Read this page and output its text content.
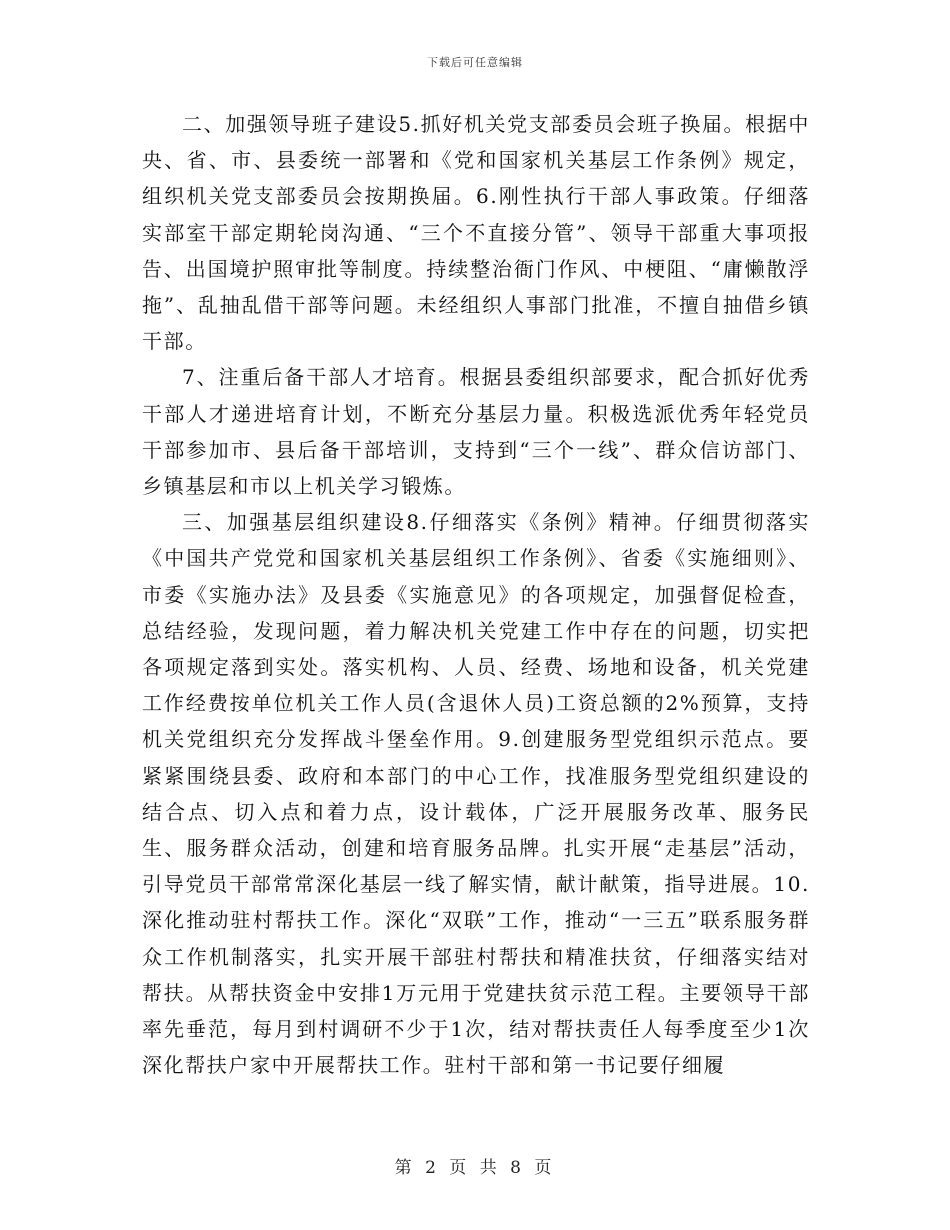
下载后可任意编辑

二、加强领导班子建设5.抓好机关党支部委员会班子换届。根据中央、省、市、县委统一部署和《党和国家机关基层工作条例》规定，组织机关党支部委员会按期换届。6.刚性执行干部人事政策。仔细落实部室干部定期轮岗沟通、“三个不直接分管”、领导干部重大事项报告、出国境护照审批等制度。持续整治衙门作风、中梗阻、“庸懒散浮拖”、乱抽乱借干部等问题。未经组织人事部门批准，不擅自抽借乡镇干部。

7、注重后备干部人才培育。根据县委组织部要求，配合抓好优秀干部人才递进培育计划，不断充分基层力量。积极选派优秀年轻党员干部参加市、县后备干部培训，支持到“三个一线”、群众信访部门、乡镇基层和市以上机关学习锻炼。

三、加强基层组织建设8.仔细落实《条例》精神。仔细贯彻落实《中国共产党党和国家机关基层组织工作条例》、省委《实施细则》、市委《实施办法》及县委《实施意见》的各项规定，加强督促检查，总结经验，发现问题，着力解决机关党建工作中存在的问题，切实把各项规定落到实处。落实机构、人员、经费、场地和设备，机关党建工作经费按单位机关工作人员(含退休人员)工资总额的2%预算，支持机关党组织充分发挥战斗堡垒作用。9.创建服务型党组织示范点。要紧紧围绕县委、政府和本部门的中心工作，找准服务型党组织建设的结合点、切入点和着力点，设计载体，广泛开展服务改革、服务民生、服务群众活动，创建和培育服务品牌。扎实开展“走基层”活动，引导党员干部常常深化基层一线了解实情，献计献策，指导进展。10.深化推动驻村帮扶工作。深化“双联”工作，推动“一三五”联系服务群众工作机制落实，扎实开展干部驻村帮扶和精准扶贫，仔细落实结对帮扶。从帮扶资金中安排1万元用于党建扶贫示范工程。主要领导干部率先垂范，每月到村调研不少于1次，结对帮扶责任人每季度至少1次深化帮扶户家中开展帮扶工作。驻村干部和第一书记要仔细履

第 2 页 共 8 页
